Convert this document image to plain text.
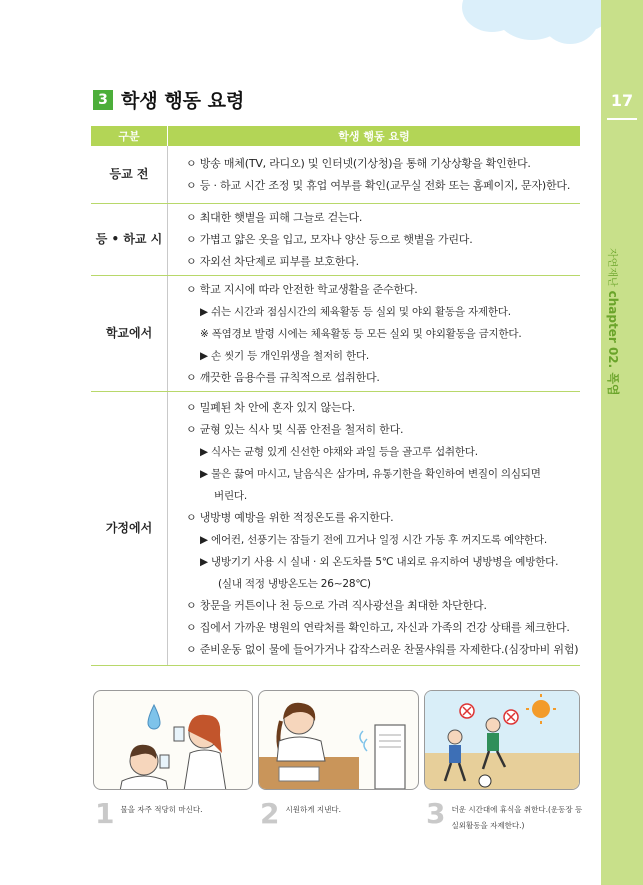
17
자연재난chapter 02. 폭염
3 학생 행동 요령
구분	학생 행동 요령
등교 전
ㅇ 방송 매체(TV, 라디오) 및 인터넷(기상청)을 통해 기상상황을 확인한다.
ㅇ 등 · 하교 시간 조정 및 휴업 여부를 확인(교무실 전화 또는 홈페이지, 문자)한다.
등 • 하교 시
ㅇ 최대한 햇볕을 피해 그늘로 걷는다.
ㅇ 가볍고 얇은 옷을 입고, 모자나 양산 등으로 햇볕을 가린다.
ㅇ 자외선 차단제로 피부를 보호한다.
학교 에서
ㅇ 학교 지시에 따라 안전한 학교생활을 준수한다.
▶ 쉬는 시간과 점심시간의 체육활동 등 실외 및 야외 활동을 자제한다.
※ 폭염경보 발령 시에는 체육활동 등 모든 실외 및 야외활동을 금지한다.
▶ 손 씻기 등 개인위생을 철저히 한다.
ㅇ 깨끗한 음용수를 규칙적으로 섭취한다.
가정 에서
ㅇ 밀폐된 차 안에 혼자 있지 않는다.
ㅇ 균형 있는 식사 및 식품 안전을 철저히 한다.
▶ 식사는 균형 있게 신선한 야채와 과일 등을 골고루 섭취한다.
▶ 물은 끓여 마시고, 날음식은 삼가며, 유통기한을 확인하여 변질이 의심되면
버린다.
ㅇ 냉방병 예방을 위한 적정온도를 유지한다.
▶ 에어컨, 선풍기는 잠들기 전에 끄거나 일정 시간 가동 후 꺼지도록 예약한다.
▶ 냉방기기 사용 시 실내 · 외 온도차를 5℃ 내외로 유지하여 냉방병을 예방한다.
(실내 적정 냉방온도는 26∼28℃)
ㅇ 창문을 커튼이나 천 등으로 가려 직사광선을 최대한 차단한다.
ㅇ 집에서 가까운 병원의 연락처를 확인하고, 자신과 가족의 건강 상태를 체크한다.
ㅇ 준비운동 없이 물에 들어가거나 갑작스러운 찬물샤워를 자제한다.(심장마비 위험)
1 물을 자주 적당히 마신다. 2 시원하게 지낸다.	3 더운 시간대에 휴식을 취한다.(운동장 등
실외활동을 자제한다.)
